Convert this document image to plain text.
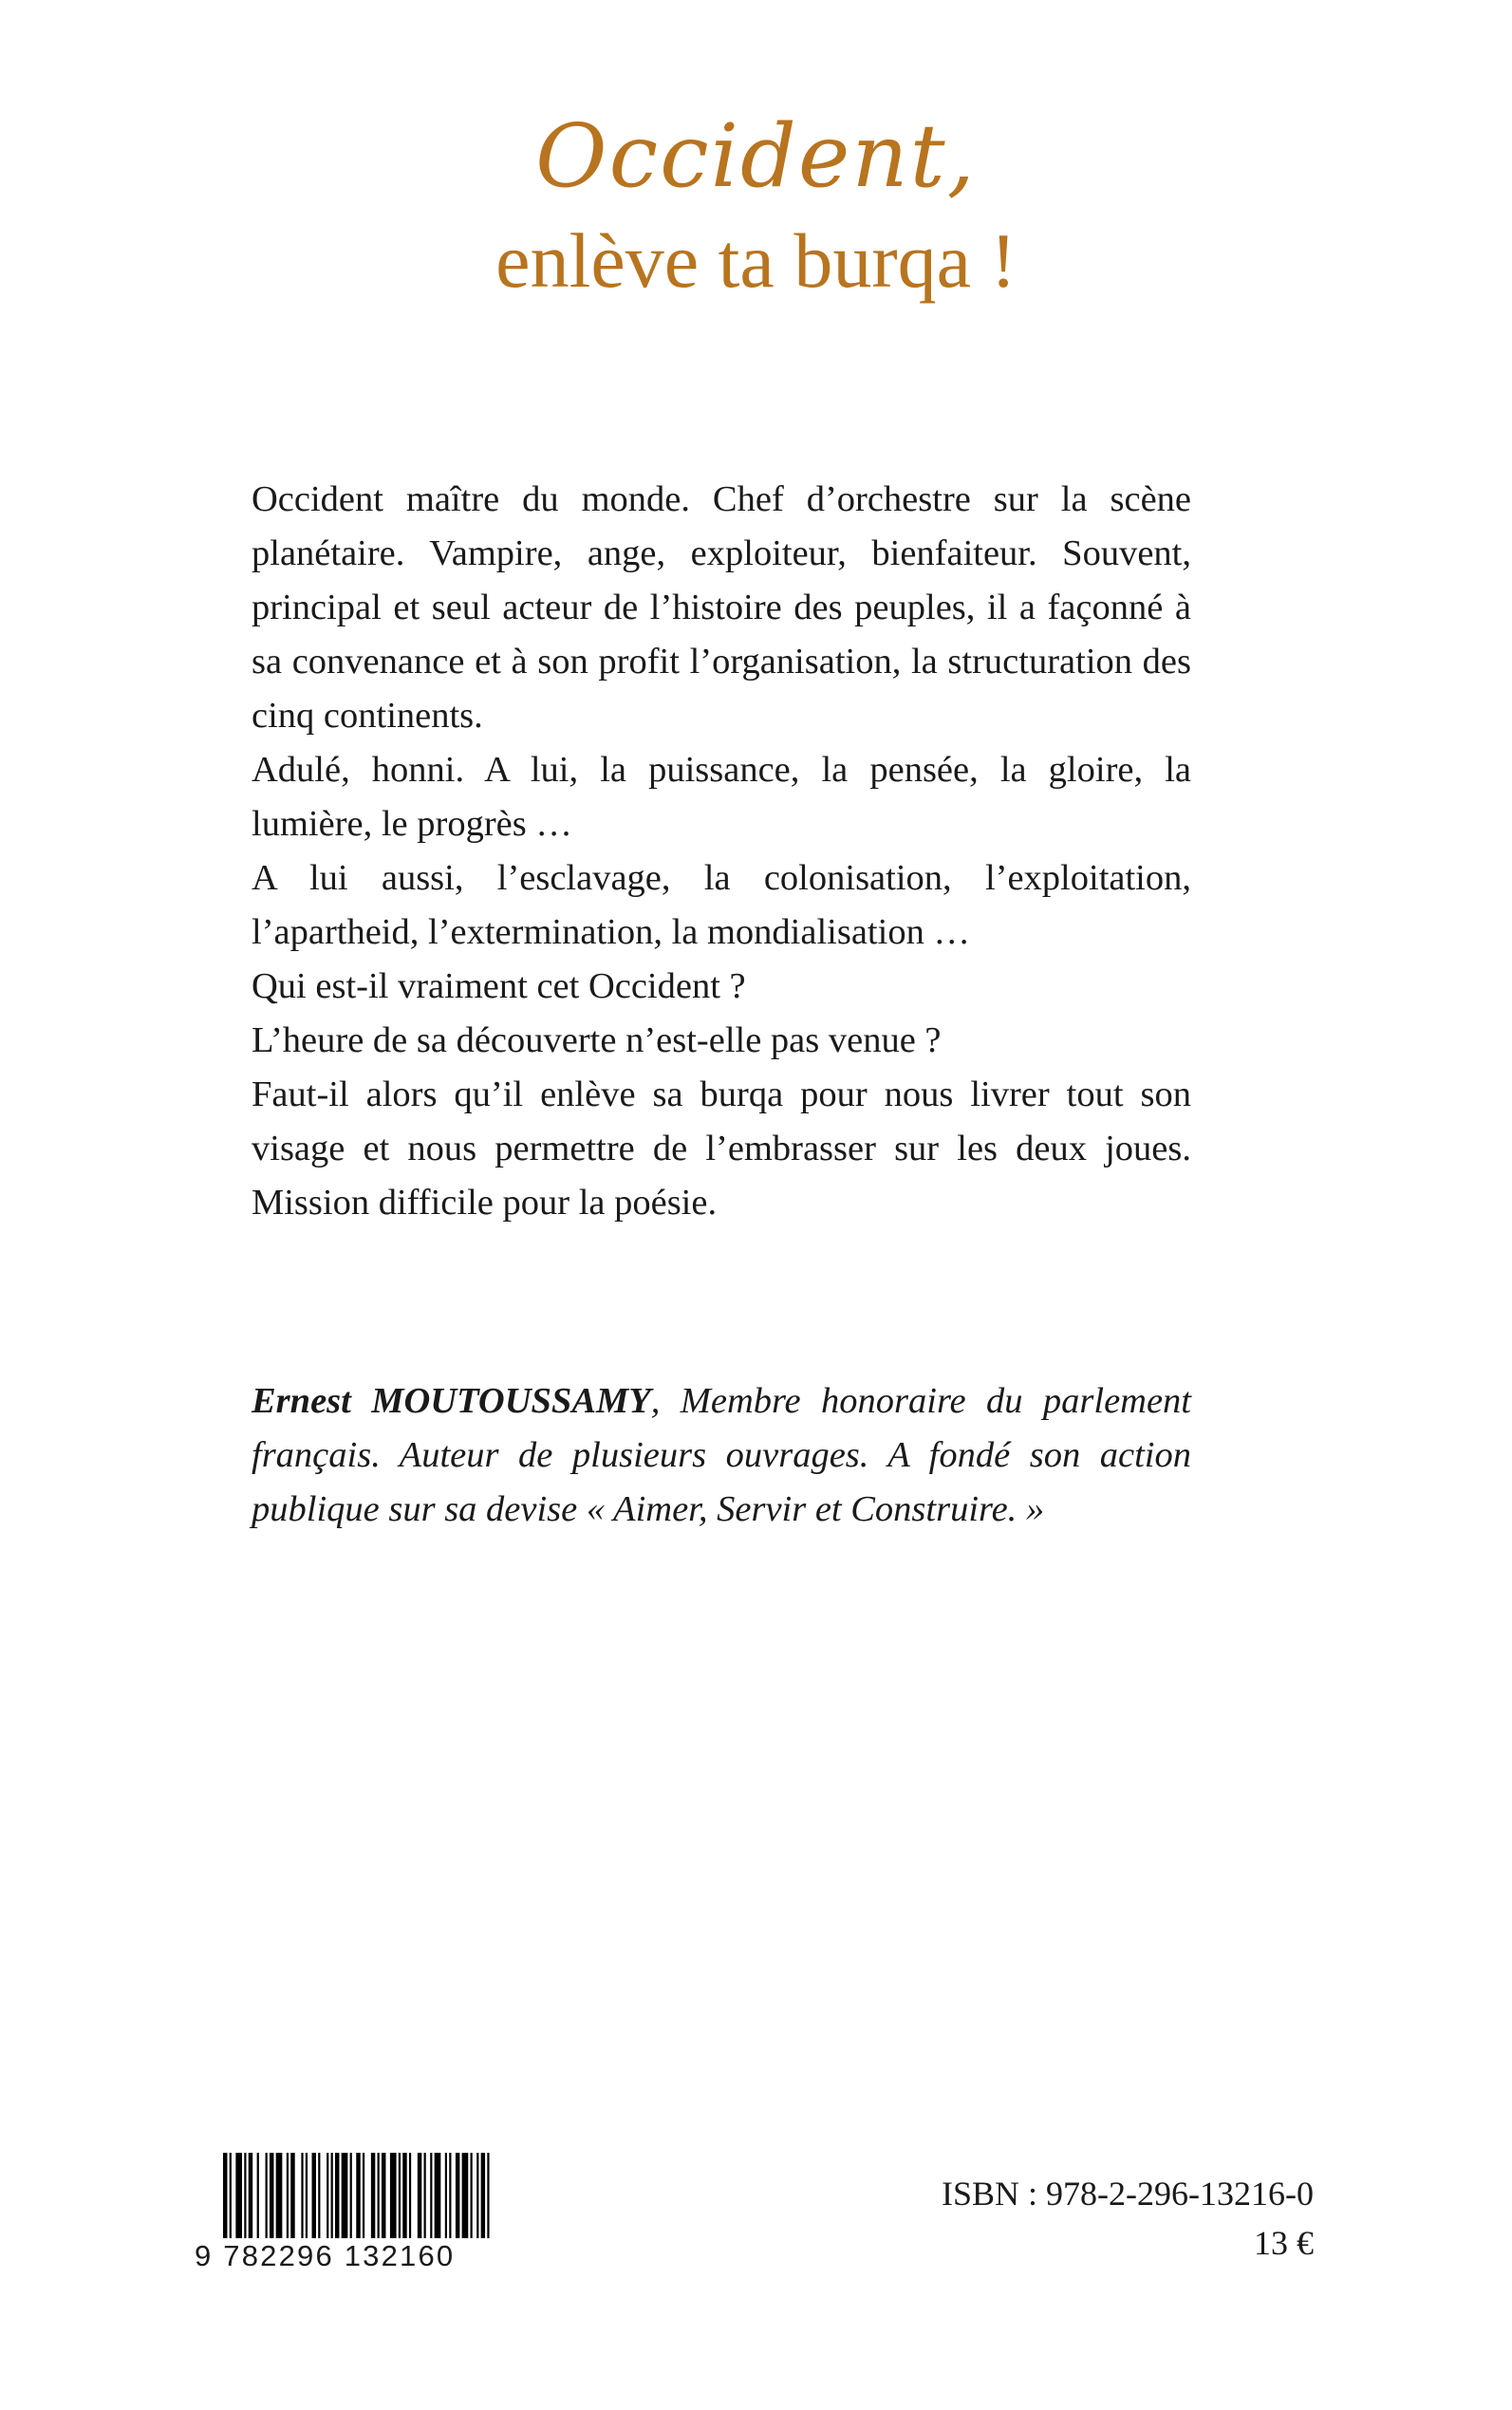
Occident,
enlève ta burqa !

Occident maître du monde. Chef d’orchestre sur la scène planétaire. Vampire, ange, exploiteur, bienfaiteur. Souvent, principal et seul acteur de l’histoire des peuples, il a façonné à sa convenance et à son profit l’organisation, la structuration des cinq continents.

Adulé, honni. A lui, la puissance, la pensée, la gloire, la lumière, le progrès …

A lui aussi, l’esclavage, la colonisation, l’exploitation, l’apartheid, l’extermination, la mondialisation …

Qui est-il vraiment cet Occident ?

L’heure de sa découverte n’est-elle pas venue ?

Faut-il alors qu’il enlève sa burqa pour nous livrer tout son visage et nous permettre de l’embrasser sur les deux joues. Mission difficile pour la poésie.

Ernest MOUTOUSSAMY, Membre honoraire du parlement français. Auteur de plusieurs ouvrages. A fondé son action publique sur sa devise « Aimer, Servir et Construire. »
9 782296 132160
ISBN : 978-2-296-13216-0
13 €
